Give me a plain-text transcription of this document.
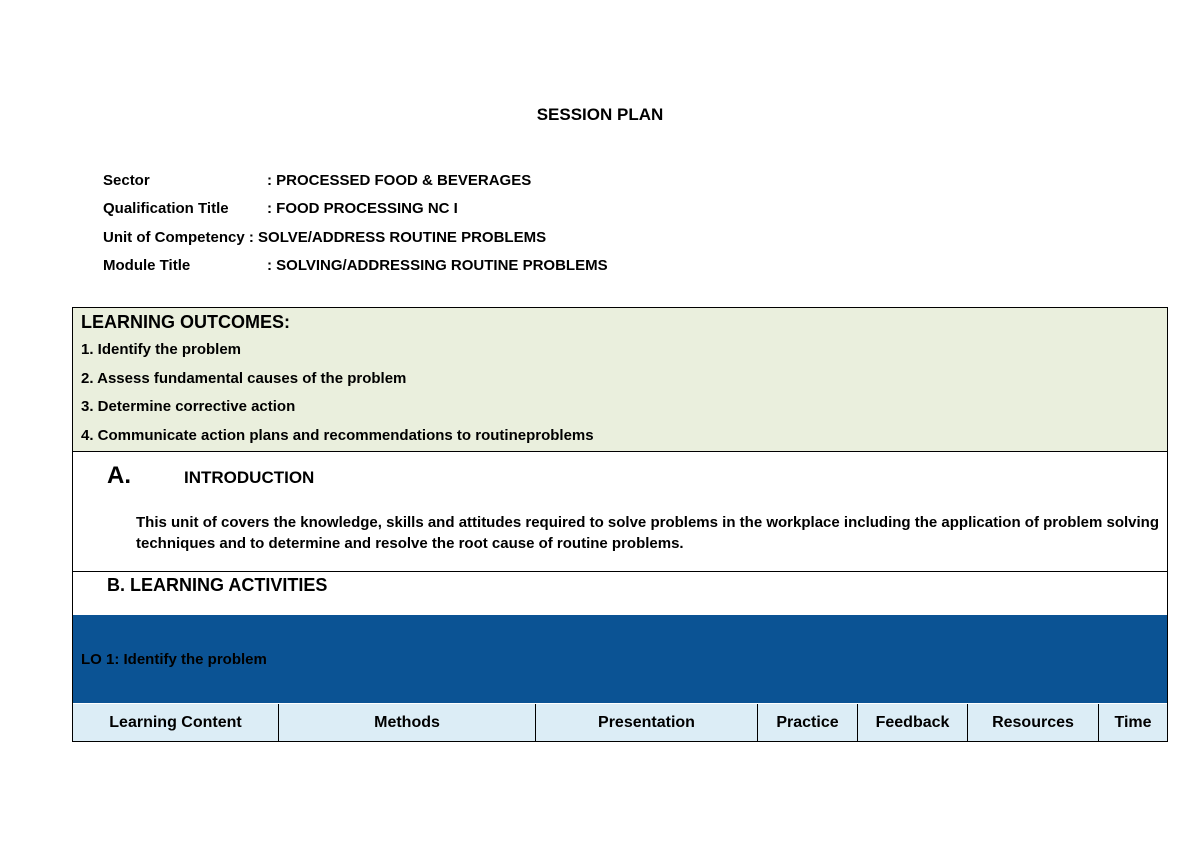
SESSION PLAN
Sector	: PROCESSED FOOD & BEVERAGES
Qualification Title	: FOOD PROCESSING NC I
Unit of Competency : SOLVE/ADDRESS ROUTINE PROBLEMS
Module Title	: SOLVING/ADDRESSING ROUTINE PROBLEMS
LEARNING OUTCOMES:
1. Identify the problem
2. Assess fundamental causes of the problem
3. Determine corrective action
4. Communicate action plans and recommendations to routineproblems
A.	INTRODUCTION
This unit of covers the knowledge, skills and attitudes required to solve problems in the workplace including the application of problem solving techniques and to determine and resolve the root cause of routine problems.
B. LEARNING ACTIVITIES
LO 1: Identify the problem
Learning Content	Methods	Presentation	Practice	Feedback	Resources	Time
